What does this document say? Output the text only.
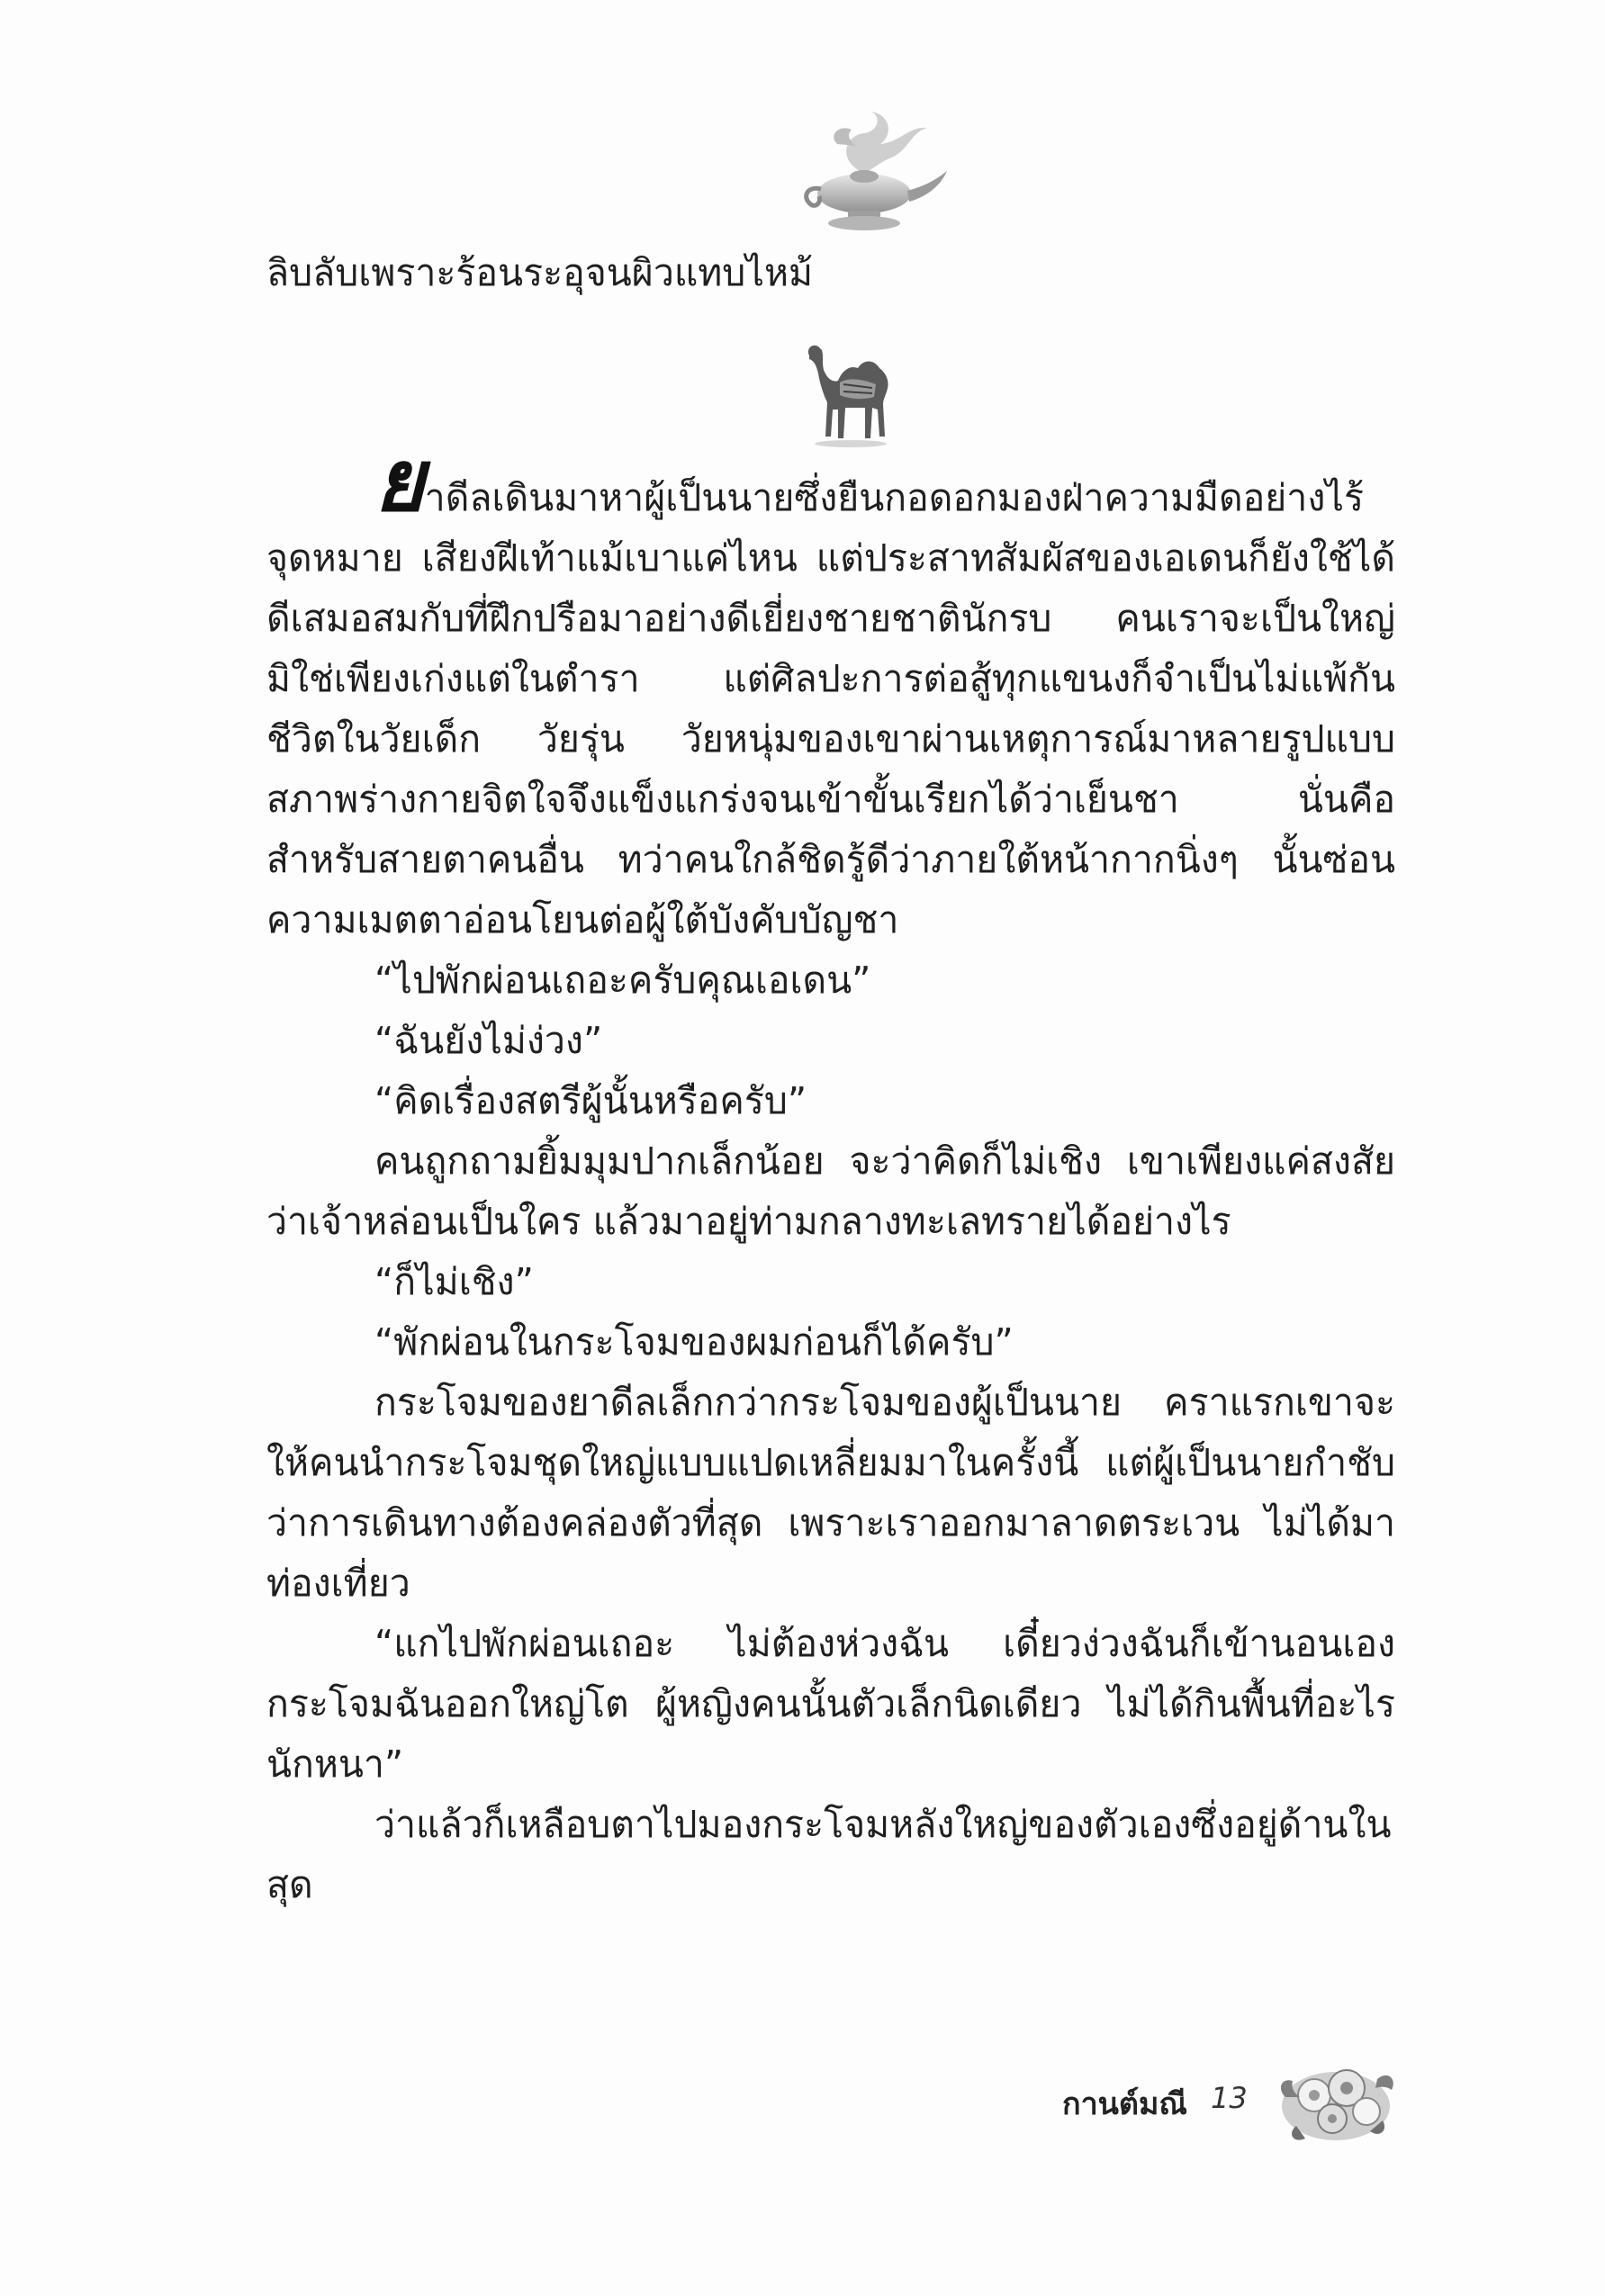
ลิบลับเพราะร้อนระอุจนผิวแทบไหม้

ยาดีลเดินมาหาผู้เป็นนายซึ่งยืนกอดอกมองฝ่าความมืดอย่างไร้จุดหมาย เสียงฝีเท้าแม้เบาแค่ไหน แต่ประสาทสัมผัสของเอเดนก็ยังใช้ได้ดีเสมอสมกับที่ฝึกปรือมาอย่างดีเยี่ยงชายชาตินักรบ คนเราจะเป็นใหญ่มิใช่เพียงเก่งแต่ในตำรา แต่ศิลปะการต่อสู้ทุกแขนงก็จำเป็นไม่แพ้กัน ชีวิตในวัยเด็ก วัยรุ่น วัยหนุ่มของเขาผ่านเหตุการณ์มาหลายรูปแบบ สภาพร่างกายจิตใจจึงแข็งแกร่งจนเข้าขั้นเรียกได้ว่าเย็นชา นั่นคือสำหรับสายตาคนอื่น ทว่าคนใกล้ชิดรู้ดีว่าภายใต้หน้ากากนิ่งๆ นั้นซ่อนความเมตตาอ่อนโยนต่อผู้ใต้บังคับบัญชา

“ไปพักผ่อนเถอะครับคุณเอเดน”

“ฉันยังไม่ง่วง”

“คิดเรื่องสตรีผู้นั้นหรือครับ”

คนถูกถามยิ้มมุมปากเล็กน้อย จะว่าคิดก็ไม่เชิง เขาเพียงแค่สงสัยว่าเจ้าหล่อนเป็นใคร แล้วมาอยู่ท่ามกลางทะเลทรายได้อย่างไร

“ก็ไม่เชิง”

“พักผ่อนในกระโจมของผมก่อนก็ได้ครับ”

กระโจมของยาดีลเล็กกว่ากระโจมของผู้เป็นนาย คราแรกเขาจะให้คนนำกระโจมชุดใหญ่แบบแปดเหลี่ยมมาในครั้งนี้ แต่ผู้เป็นนายกำชับว่าการเดินทางต้องคล่องตัวที่สุด เพราะเราออกมาลาดตระเวน ไม่ได้มาท่องเที่ยว

“แกไปพักผ่อนเถอะ ไม่ต้องห่วงฉัน เดี๋ยวง่วงฉันก็เข้านอนเอง กระโจมฉันออกใหญ่โต ผู้หญิงคนนั้นตัวเล็กนิดเดียว ไม่ได้กินพื้นที่อะไรนักหนา”

ว่าแล้วก็เหลือบตาไปมองกระโจมหลังใหญ่ของตัวเองซึ่งอยู่ด้านในสุด

กานต์มณี 13
